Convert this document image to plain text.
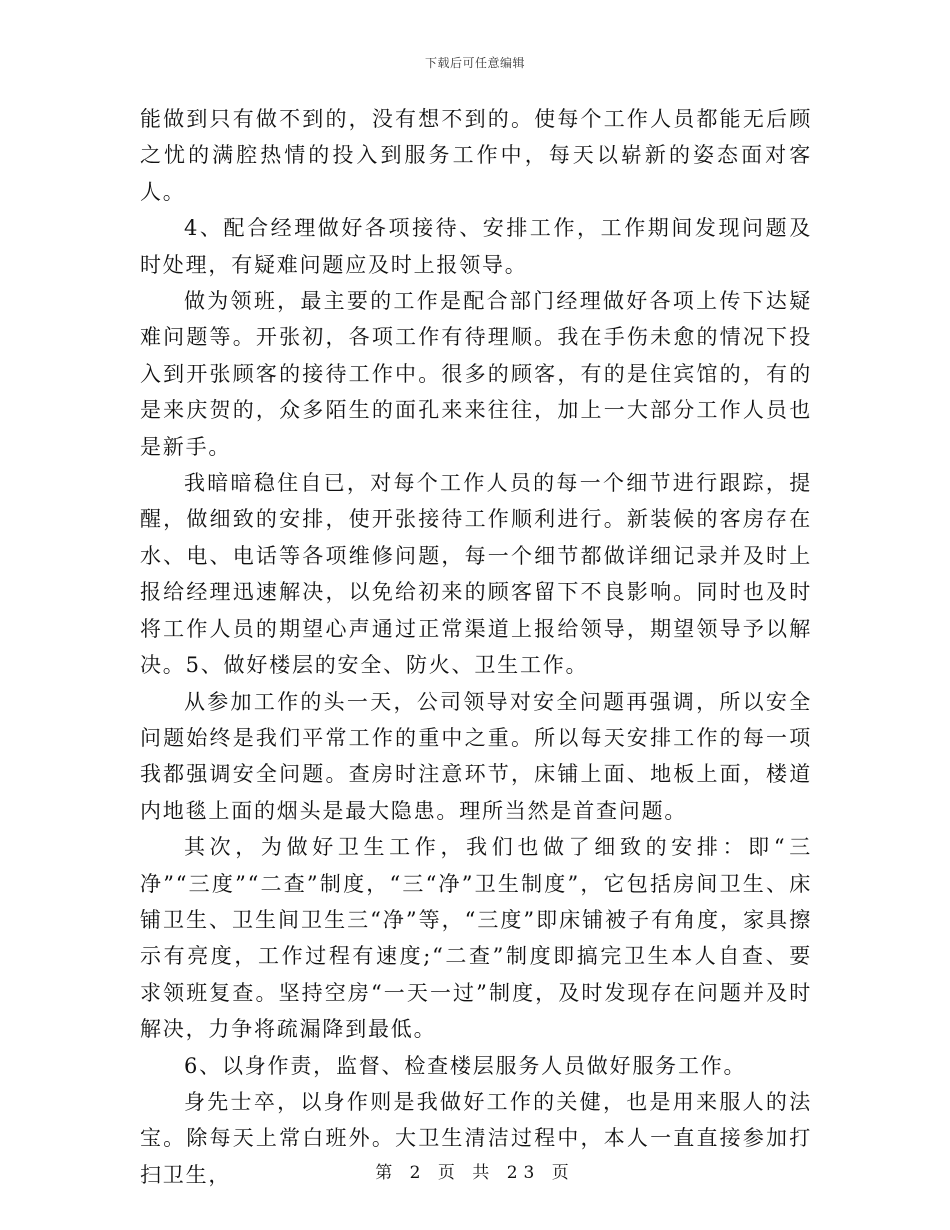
下载后可任意编辑

能做到只有做不到的，没有想不到的。使每个工作人员都能无后顾之忧的满腔热情的投入到服务工作中，每天以崭新的姿态面对客人。

4、配合经理做好各项接待、安排工作，工作期间发现问题及时处理，有疑难问题应及时上报领导。

做为领班，最主要的工作是配合部门经理做好各项上传下达疑难问题等。开张初，各项工作有待理顺。我在手伤未愈的情况下投入到开张顾客的接待工作中。很多的顾客，有的是住宾馆的，有的是来庆贺的，众多陌生的面孔来来往往，加上一大部分工作人员也是新手。

我暗暗稳住自已，对每个工作人员的每一个细节进行跟踪，提醒，做细致的安排，使开张接待工作顺利进行。新装候的客房存在水、电、电话等各项维修问题，每一个细节都做详细记录并及时上报给经理迅速解决，以免给初来的顾客留下不良影响。同时也及时将工作人员的期望心声通过正常渠道上报给领导，期望领导予以解决。5、做好楼层的安全、防火、卫生工作。

从参加工作的头一天，公司领导对安全问题再强调，所以安全问题始终是我们平常工作的重中之重。所以每天安排工作的每一项我都强调安全问题。查房时注意环节，床铺上面、地板上面，楼道内地毯上面的烟头是最大隐患。理所当然是首查问题。

其次，为做好卫生工作，我们也做了细致的安排：即“三净”“三度”“二查”制度，“三“净”卫生制度”，它包括房间卫生、床铺卫生、卫生间卫生三“净”等，“三度”即床铺被子有角度，家具擦示有亮度，工作过程有速度;“二查”制度即搞完卫生本人自查、要求领班复查。坚持空房“一天一过”制度，及时发现存在问题并及时解决，力争将疏漏降到最低。

6、以身作责，监督、检查楼层服务人员做好服务工作。

身先士卒，以身作则是我做好工作的关健，也是用来服人的法宝。除每天上常白班外。大卫生清洁过程中，本人一直直接参加打扫卫生，	第 2 页 共 23 页
